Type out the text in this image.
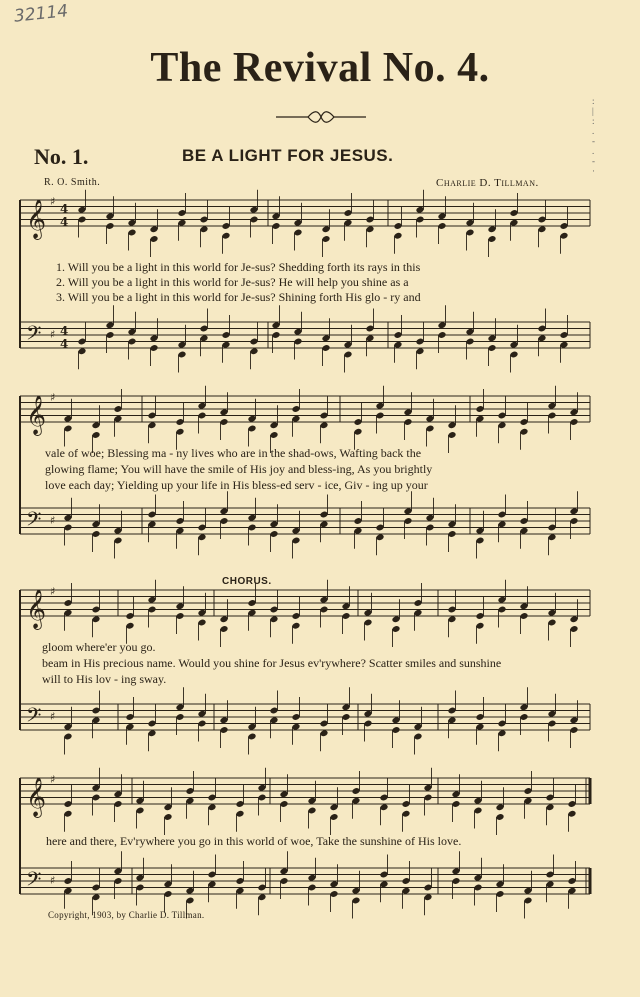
32114
:
|
:
.
-
.
-
·
The Revival No. 4.
No. 1.	BE A LIGHT FOR JESUS.
R. O. Smith.	Charlie D. Tillman.
𝄞 ♯
4
4
𝄢 ♯ 4
4
𝄞 ♯
𝄢 ♯
𝄞 ♯
𝄢 ♯
𝄞 ♯
𝄢 ♯
1. Will you be a light in this world for Je-sus? Shedding forth its rays in this
2. Will you be a light in this world for Je-sus? He will help you shine as a
3. Will you be a light in this world for Je-sus? Shining forth His glo - ry and
vale of woe; Blessing ma - ny lives who are in the shad-ows, Wafting back the
glowing flame; You will have the smile of His joy and bless-ing, As you brightly
love each day; Yielding up your life in His bless-ed serv - ice, Giv - ing up your
CHORUS.
gloom where'er you go.
beam in His precious name. Would you shine for Jesus ev'rywhere? Scatter smiles and sunshine
will to His lov - ing sway.
here and there, Ev'rywhere you go in this world of woe, Take the sunshine of His love.
Copyright, 1903, by Charlie D. Tillman.
